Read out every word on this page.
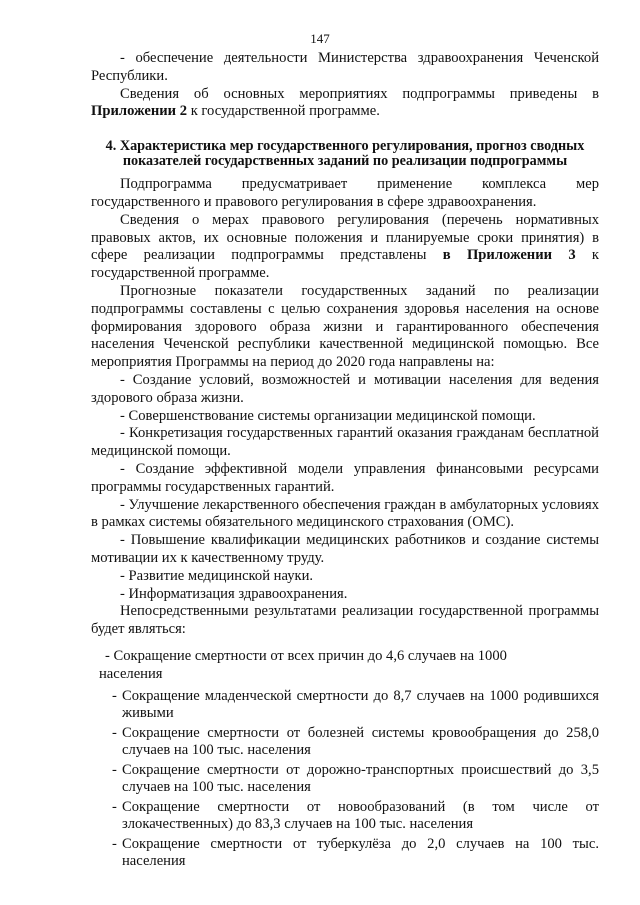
147

- обеспечение деятельности Министерства здравоохранения Чеченской Республики.

Сведения об основных мероприятиях подпрограммы приведены в Приложении 2 к государственной программе.

4. Характеристика мер государственного регулирования, прогноз сводных показателей государственных заданий по реализации подпрограммы

Подпрограмма предусматривает применение комплекса мер государственного и правового регулирования в сфере здравоохранения.

Сведения о мерах правового регулирования (перечень нормативных правовых актов, их основные положения и планируемые сроки принятия) в сфере реализации подпрограммы представлены в Приложении 3 к государственной программе.

Прогнозные показатели государственных заданий по реализации подпрограммы составлены с целью сохранения здоровья населения на основе формирования здорового образа жизни и гарантированного обеспечения населения Чеченской республики качественной медицинской помощью. Все мероприятия Программы на период до 2020 года направлены на:

- Создание условий, возможностей и мотивации населения для ведения здорового образа жизни.

- Совершенствование системы организации медицинской помощи.

- Конкретизация государственных гарантий оказания гражданам бесплатной медицинской помощи.

- Создание эффективной модели управления финансовыми ресурсами программы государственных гарантий.

- Улучшение лекарственного обеспечения граждан в амбулаторных условиях в рамках системы обязательного медицинского страхования (ОМС).

- Повышение квалификации медицинских работников и создание системы мотивации их к качественному труду.

- Развитие медицинской науки.

- Информатизация здравоохранения.

Непосредственными результатами реализации государственной программы будет являться:

- Сокращение смертности от всех причин до 4,6 случаев на 1000
населения

- Сокращение младенческой смертности до 8,7 случаев на 1000 родившихся живыми
- Сокращение смертности от болезней системы кровообращения до 258,0 случаев на 100 тыс. населения
- Сокращение смертности от дорожно-транспортных происшествий до 3,5 случаев на 100 тыс. населения
- Сокращение смертности от новообразований (в том числе от злокачественных) до 83,3 случаев на 100 тыс. населения
- Сокращение смертности от туберкулёза до 2,0 случаев на 100 тыс. населения
